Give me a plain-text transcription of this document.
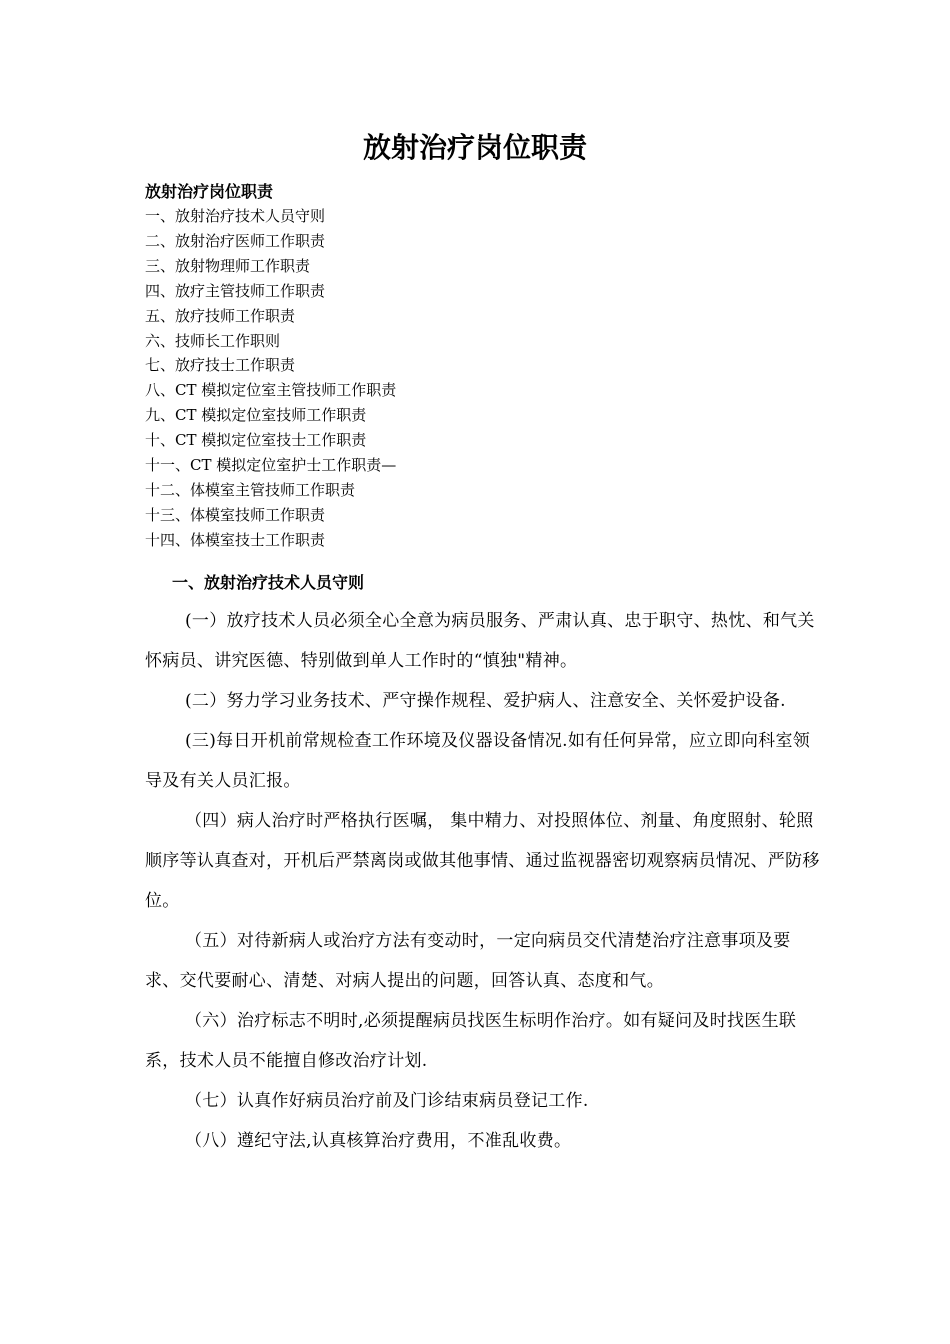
放射治疗岗位职责
放射治疗岗位职责
一、放射治疗技术人员守则
二、放射治疗医师工作职责
三、放射物理师工作职责
四、放疗主管技师工作职责
五、放疗技师工作职责
六、技师长工作职则
七、放疗技士工作职责
八、CT 模拟定位室主管技师工作职责
九、CT 模拟定位室技师工作职责
十、CT 模拟定位室技士工作职责
十一、CT 模拟定位室护士工作职责—
十二、体模室主管技师工作职责
十三、体模室技师工作职责
十四、体模室技士工作职责
一、放射治疗技术人员守则

(一）放疗技术人员必须全心全意为病员服务、严肃认真、忠于职守、热忱、和气关怀病员、讲究医德、特别做到单人工作时的“慎独"精神。

(二）努力学习业务技术、严守操作规程、爱护病人、注意安全、关怀爱护设备.

(三)每日开机前常规检查工作环境及仪器设备情况.如有任何异常，应立即向科室领导及有关人员汇报。

（四）病人治疗时严格执行医嘱， 集中精力、对投照体位、剂量、角度照射、轮照顺序等认真查对，开机后严禁离岗或做其他事情、通过监视器密切观察病员情况、严防移位。

（五）对待新病人或治疗方法有变动时，一定向病员交代清楚治疗注意事项及要求、交代要耐心、清楚、对病人提出的问题，回答认真、态度和气。

（六）治疗标志不明时,必须提醒病员找医生标明作治疗。如有疑问及时找医生联系，技术人员不能擅自修改治疗计划.

（七）认真作好病员治疗前及门诊结束病员登记工作.

（八）遵纪守法,认真核算治疗费用，不准乱收费。
